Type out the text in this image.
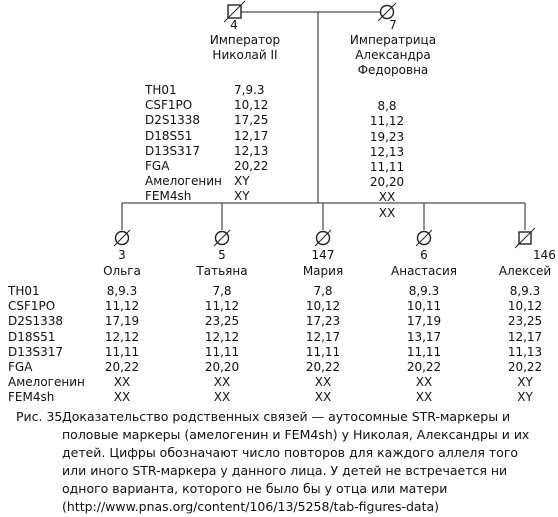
4
Император
Николай II
7
Императрица
Александра
Федоровна
TH01
CSF1PO
D2S1338
D18S51
D13S317
FGA
Амелогенин
FEM4sh
7,9.3
10,12
17,25
12,17
12,13
20,22
XY
XY
8,8
11,12
19,23
12,13
11,11
20,20
XX
XX
3
Ольга
5
Татьяна
147
Мария
6
Анастасия
146
Алексей
TH01
CSF1PO
D2S1338
D18S51
D13S317
FGA
Амелогенин
FEM4sh
8,9.3
11,12
17,19
12,12
11,11
20,22
XX
XX
7,8
11,12
23,25
12,12
11,11
20,20
XX
XX
7,8
10,12
17,23
12,17
11,11
20,22
XX
XX
8,9.3
10,11
17,19
13,17
11,11
20,22
XX
XX
8,9.3
10,12
23,25
12,17
11,13
20,22
XY
XY
Рис. 35.
Доказательство родственных связей — аутосомные STR-маркеры и половые маркеры (амелогенин и FEM4sh) у Николая, Александры и их детей. Цифры обозначают число повторов для каждого аллеля того или иного STR-маркера у данного лица. У детей не встречается ни одного варианта, которого не было бы у отца или матери (http://www.pnas.org/content/106/13/5258/tab-figures-data)
